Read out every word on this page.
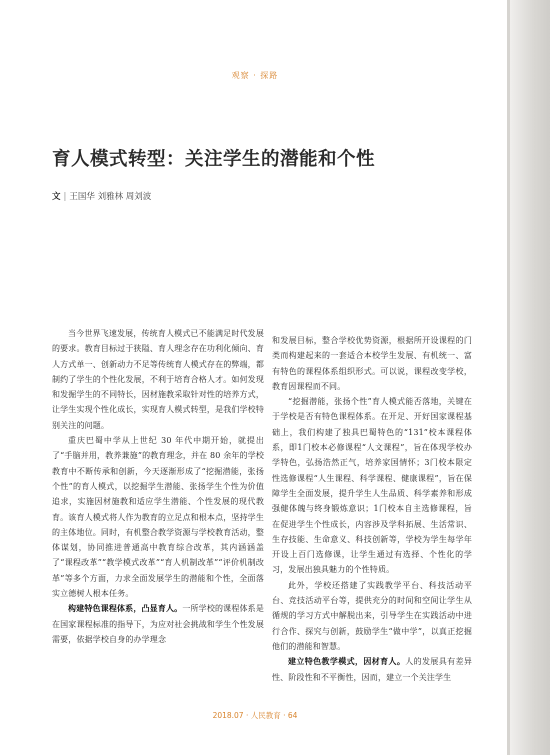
观察 · 探路
育人模式转型：关注学生的潜能和个性
文 | 王国华 刘雅林 周刘波

当今世界飞速发展，传统育人模式已不能满足时代发展的要求。教育目标过于狭隘、育人理念存在功利化倾向、育人方式单一、创新动力不足等传统育人模式存在的弊端，都制约了学生的个性化发展，不利于培育合格人才。如何发现和发掘学生的不同特长，因材施教采取针对性的培养方式，让学生实现个性化成长，实现育人模式转型，是我们学校特别关注的问题。

重庆巴蜀中学从上世纪 30 年代中期开始，就提出了“手脑并用，教养兼施”的教育理念，并在 80 余年的学校教育中不断传承和创新，今天逐渐形成了“挖掘潜能，张扬个性”的育人模式，以挖掘学生潜能、张扬学生个性为价值追求，实施因材施教和适应学生潜能、个性发展的现代教育。该育人模式将人作为教育的立足点和根本点，坚持学生的主体地位。同时，有机整合教学资源与学校教育活动，整体谋划，协同推进普通高中教育综合改革，其内涵涵盖了“课程改革”“教学模式改革”“育人机制改革”“评价机制改革”等多个方面，力求全面发展学生的潜能和个性，全面落实立德树人根本任务。

构建特色课程体系，凸显育人。一所学校的课程体系是在国家课程标准的指导下，为应对社会挑战和学生个性发展需要，依据学校自身的办学理念

和发展目标，整合学校优势资源，根据所开设课程的门类而构建起来的一套适合本校学生发展、有机统一、富有特色的课程体系组织形式。可以说，课程改变学校，教育因课程而不同。

“挖掘潜能，张扬个性”育人模式能否落地，关键在于学校是否有特色课程体系。在开足、开好国家课程基础上，我们构建了独具巴蜀特色的“131”校本课程体系，即1门校本必修课程“人文课程”，旨在体现学校办学特色，弘扬浩然正气，培养家国情怀；3门校本限定性选修课程“人生课程、科学课程、健康课程”，旨在保障学生全面发展，提升学生人生品质、科学素养和形成强健体魄与终身锻炼意识；1门校本自主选修课程，旨在促进学生个性成长，内容涉及学科拓展、生活常识、生存技能、生命意义、科技创新等，学校为学生每学年开设上百门选修课，让学生通过有选择、个性化的学习，发展出独具魅力的个性特质。

此外，学校还搭建了实践教学平台、科技活动平台、竞技活动平台等，提供充分的时间和空间让学生从循规的学习方式中解脱出来，引导学生在实践活动中进行合作、探究与创新，鼓励学生“做中学”，以真正挖掘他们的潜能和智慧。

建立特色教学模式，因材育人。人的发展具有差异性、阶段性和不平衡性，因而，建立一个关注学生

2018.07 · 人民教育 · 64
